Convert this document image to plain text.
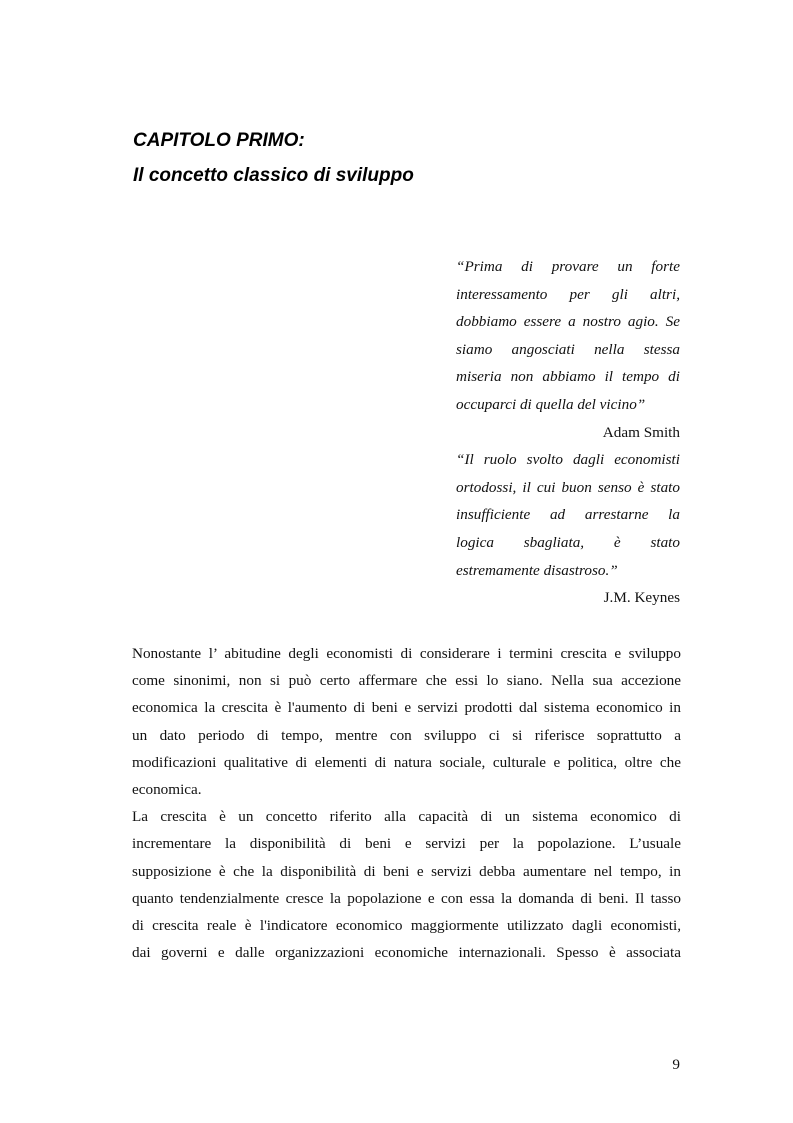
CAPITOLO PRIMO:
Il concetto classico di sviluppo
“Prima di provare un forte
interessamento per gli altri,
dobbiamo essere a nostro agio. Se
siamo angosciati nella stessa
miseria non abbiamo il tempo di
occuparci di quella del vicino”
Adam Smith
“Il ruolo svolto dagli economisti
ortodossi, il cui buon senso è stato
insufficiente ad arrestarne la
logica sbagliata, è stato
estremamente disastroso.”
J.M. Keynes
Nonostante l’ abitudine degli economisti di considerare i termini crescita e sviluppo
come sinonimi, non si può certo affermare che essi lo siano. Nella sua accezione
economica la crescita è l'aumento di beni e servizi prodotti dal sistema economico in
un dato periodo di tempo, mentre con sviluppo ci si riferisce soprattutto a
modificazioni qualitative di elementi di natura sociale, culturale e politica, oltre che
economica.
La crescita è un concetto riferito alla capacità di un sistema economico di
incrementare la disponibilità di beni e servizi per la popolazione. L’usuale
supposizione è che la disponibilità di beni e servizi debba aumentare nel tempo, in
quanto tendenzialmente cresce la popolazione e con essa la domanda di beni. Il tasso
di crescita reale è l'indicatore economico maggiormente utilizzato dagli economisti,
dai governi e dalle organizzazioni economiche internazionali. Spesso è associata
9
